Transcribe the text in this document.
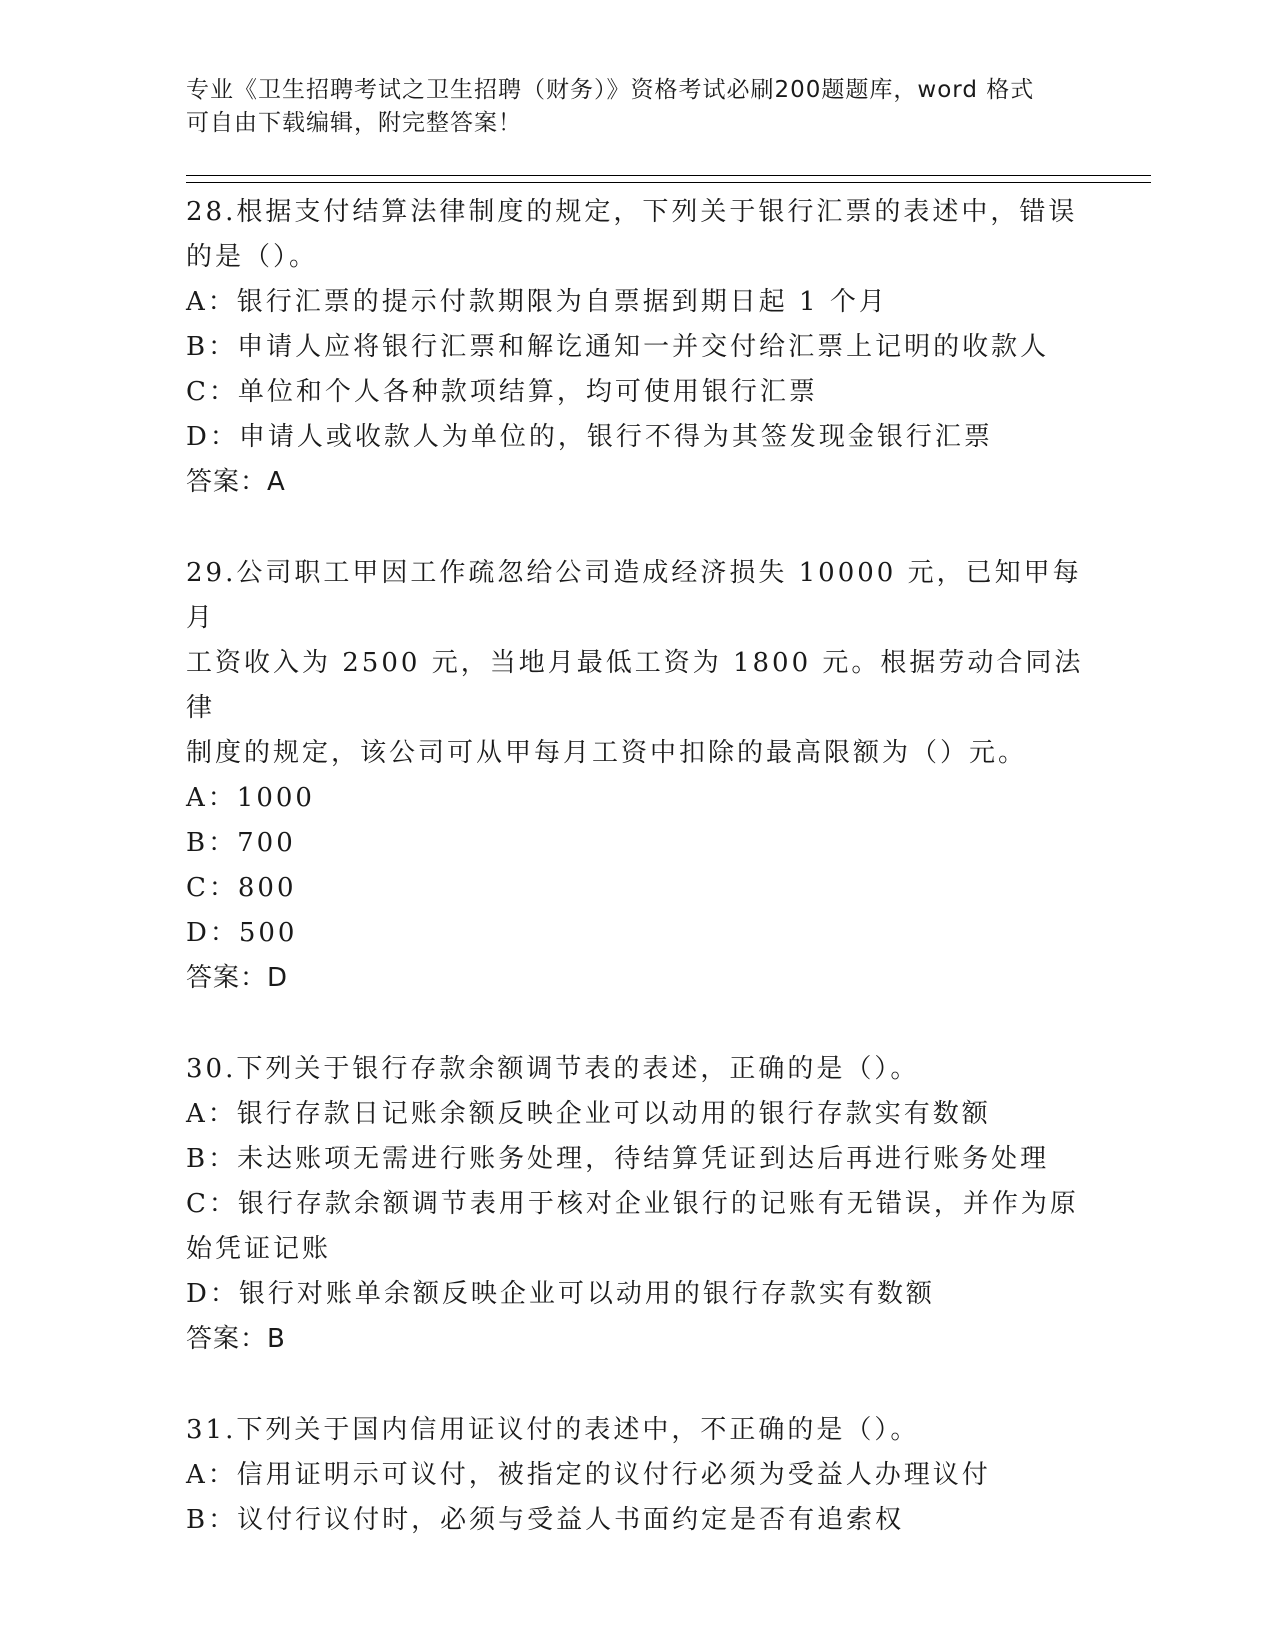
专业《卫生招聘考试之卫生招聘（财务）》资格考试必刷200题题库，word 格式
可自由下载编辑，附完整答案！

28.根据支付结算法律制度的规定，下列关于银行汇票的表述中，错误

的是（）。

A：银行汇票的提示付款期限为自票据到期日起 1 个月

B：申请人应将银行汇票和解讫通知一并交付给汇票上记明的收款人

C：单位和个人各种款项结算，均可使用银行汇票

D：申请人或收款人为单位的，银行不得为其签发现金银行汇票

答案：A

29.公司职工甲因工作疏忽给公司造成经济损失 10000 元，已知甲每月

工资收入为 2500 元，当地月最低工资为 1800 元。根据劳动合同法律

制度的规定，该公司可从甲每月工资中扣除的最高限额为（）元。

A：1000

B：700

C：800

D：500

答案：D

30.下列关于银行存款余额调节表的表述，正确的是（）。

A：银行存款日记账余额反映企业可以动用的银行存款实有数额

B：未达账项无需进行账务处理，待结算凭证到达后再进行账务处理

C：银行存款余额调节表用于核对企业银行的记账有无错误，并作为原

始凭证记账

D：银行对账单余额反映企业可以动用的银行存款实有数额

答案：B

31.下列关于国内信用证议付的表述中，不正确的是（）。

A：信用证明示可议付，被指定的议付行必须为受益人办理议付

B：议付行议付时，必须与受益人书面约定是否有追索权
